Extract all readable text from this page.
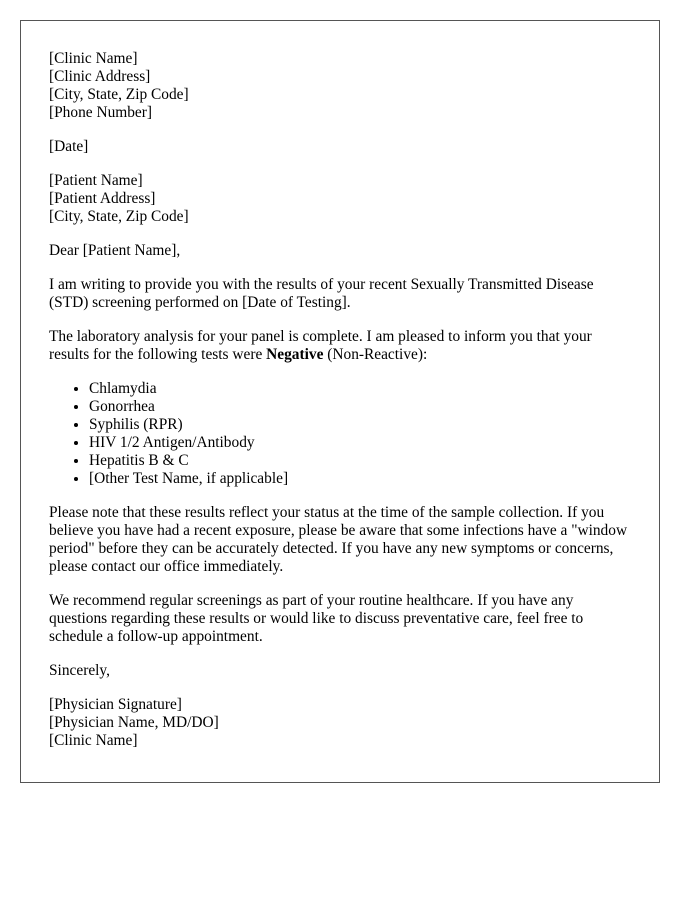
[Clinic Name]
[Clinic Address]
[City, State, Zip Code]
[Phone Number]
[Date]
[Patient Name]
[Patient Address]
[City, State, Zip Code]

Dear [Patient Name],

I am writing to provide you with the results of your recent Sexually Transmitted Disease (STD) screening performed on [Date of Testing].

The laboratory analysis for your panel is complete. I am pleased to inform you that your results for the following tests were Negative (Non-Reactive):

• Chlamydia
• Gonorrhea
• Syphilis (RPR)
• HIV 1/2 Antigen/Antibody
• Hepatitis B & C
• [Other Test Name, if applicable]

Please note that these results reflect your status at the time of the sample collection. If you believe you have had a recent exposure, please be aware that some infections have a "window period" before they can be accurately detected. If you have any new symptoms or concerns, please contact our office immediately.

We recommend regular screenings as part of your routine healthcare. If you have any questions regarding these results or would like to discuss preventative care, feel free to schedule a follow-up appointment.

Sincerely,

[Physician Signature]
[Physician Name, MD/DO]
[Clinic Name]
